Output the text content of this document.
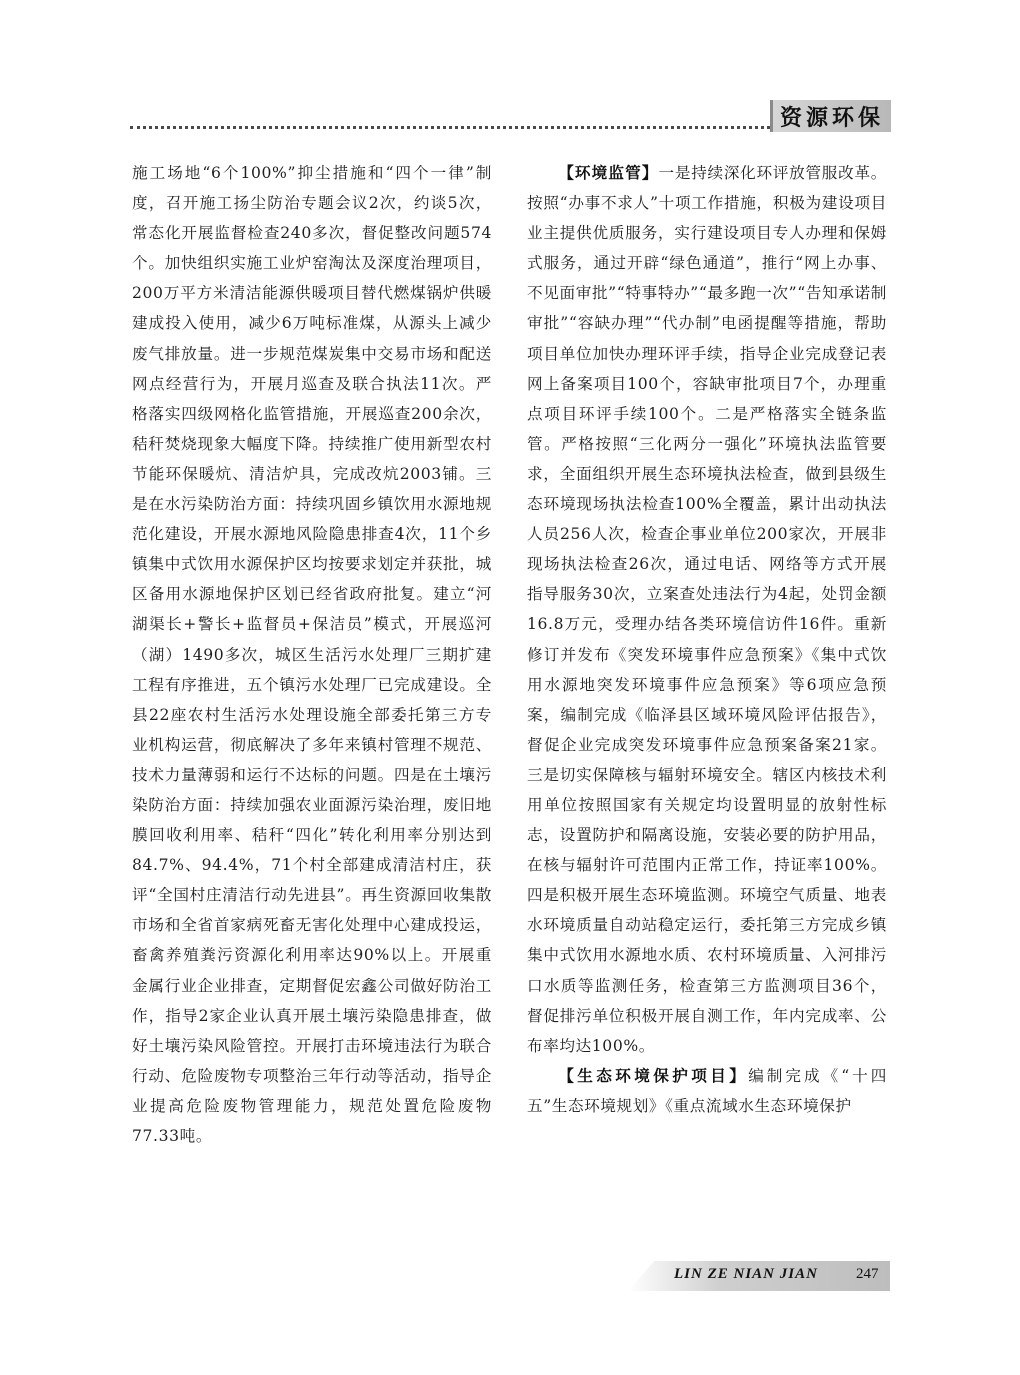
资源环保

施工场地“6个100%”抑尘措施和“四个一律”制度，召开施工扬尘防治专题会议2次，约谈5次，常态化开展监督检查240多次，督促整改问题574个。加快组织实施工业炉窑淘汰及深度治理项目，200万平方米清洁能源供暖项目替代燃煤锅炉供暖建成投入使用，减少6万吨标准煤，从源头上减少废气排放量。进一步规范煤炭集中交易市场和配送网点经营行为，开展月巡查及联合执法11次。严格落实四级网格化监管措施，开展巡查200余次，秸秆焚烧现象大幅度下降。持续推广使用新型农村节能环保暖炕、清洁炉具，完成改炕2003铺。三是在水污染防治方面：持续巩固乡镇饮用水源地规范化建设，开展水源地风险隐患排查4次，11个乡镇集中式饮用水源保护区均按要求划定并获批，城区备用水源地保护区划已经省政府批复。建立“河湖渠长+警长+监督员+保洁员”模式，开展巡河（湖）1490多次，城区生活污水处理厂三期扩建工程有序推进，五个镇污水处理厂已完成建设。全县22座农村生活污水处理设施全部委托第三方专业机构运营，彻底解决了多年来镇村管理不规范、技术力量薄弱和运行不达标的问题。四是在土壤污染防治方面：持续加强农业面源污染治理，废旧地膜回收利用率、秸秆“四化”转化利用率分别达到84.7%、94.4%，71个村全部建成清洁村庄，获评“全国村庄清洁行动先进县”。再生资源回收集散市场和全省首家病死畜无害化处理中心建成投运，畜禽养殖粪污资源化利用率达90%以上。开展重金属行业企业排查，定期督促宏鑫公司做好防治工作，指导2家企业认真开展土壤污染隐患排查，做好土壤污染风险管控。开展打击环境违法行为联合行动、危险废物专项整治三年行动等活动，指导企业提高危险废物管理能力，规范处置危险废物77.33吨。

【环境监管】一是持续深化环评放管服改革。按照“办事不求人”十项工作措施，积极为建设项目业主提供优质服务，实行建设项目专人办理和保姆式服务，通过开辟“绿色通道”，推行“网上办事、不见面审批”“特事特办”“最多跑一次”“告知承诺制审批”“容缺办理”“代办制”电函提醒等措施，帮助项目单位加快办理环评手续，指导企业完成登记表网上备案项目100个，容缺审批项目7个，办理重点项目环评手续100个。二是严格落实全链条监管。严格按照“三化两分一强化”环境执法监管要求，全面组织开展生态环境执法检查，做到县级生态环境现场执法检查100%全覆盖，累计出动执法人员256人次，检查企事业单位200家次，开展非现场执法检查26次，通过电话、网络等方式开展指导服务30次，立案查处违法行为4起，处罚金额16.8万元，受理办结各类环境信访件16件。重新修订并发布《突发环境事件应急预案》《集中式饮用水源地突发环境事件应急预案》等6项应急预案，编制完成《临泽县区域环境风险评估报告》，督促企业完成突发环境事件应急预案备案21家。三是切实保障核与辐射环境安全。辖区内核技术利用单位按照国家有关规定均设置明显的放射性标志，设置防护和隔离设施，安装必要的防护用品，在核与辐射许可范围内正常工作，持证率100%。四是积极开展生态环境监测。环境空气质量、地表水环境质量自动站稳定运行，委托第三方完成乡镇集中式饮用水源地水质、农村环境质量、入河排污口水质等监测任务，检查第三方监测项目36个，督促排污单位积极开展自测工作，年内完成率、公布率均达100%。

【生态环境保护项目】编制完成《“十四五”生态环境规划》《重点流域水生态环境保护

LIN ZE NIAN JIAN	247
